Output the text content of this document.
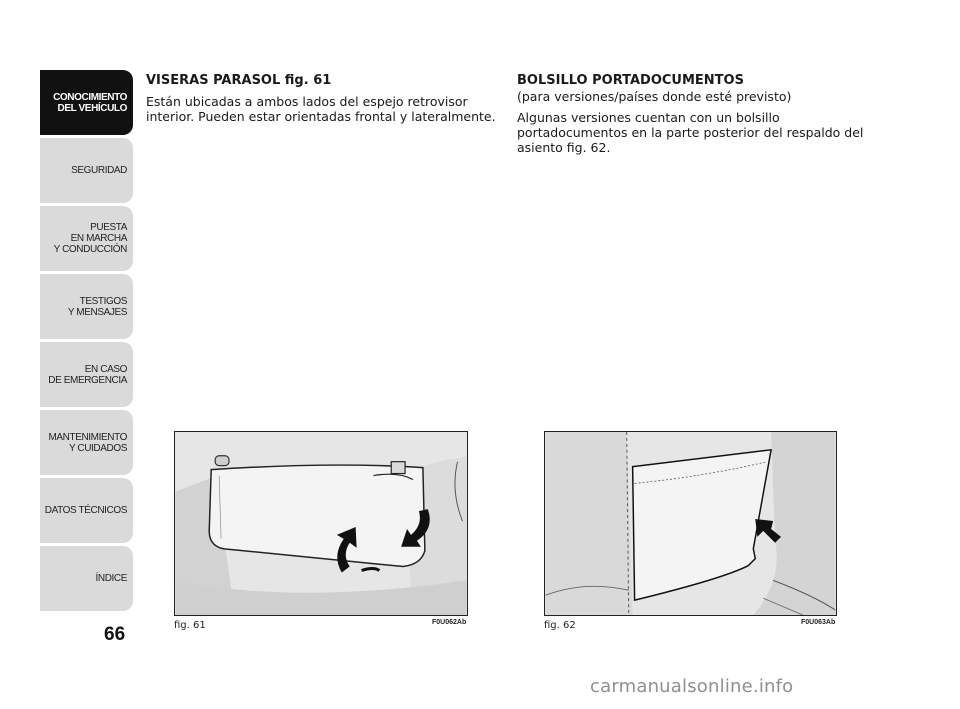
CONOCIMIENTO
DEL VEHÍCULO
SEGURIDAD
PUESTA
EN MARCHA
Y CONDUCCIÓN
TESTIGOS
Y MENSAJES
EN CASO
DE EMERGENCIA
MANTENIMIENTO
Y CUIDADOS
DATOS TÉCNICOS
ÍNDICE
66

VISERAS PARASOL fig. 61

Están ubicadas a ambos lados del espejo retrovisor interior. Pueden estar orientadas frontal y lateralmente.

BOLSILLO PORTADOCUMENTOS

(para versiones/países donde esté previsto)

Algunas versiones cuentan con un bolsillo portadocumentos en la parte posterior del respaldo del asiento fig. 62.

fig. 61	F0U062Ab	fig. 62	F0U063Ab
carmanualsonline.info
